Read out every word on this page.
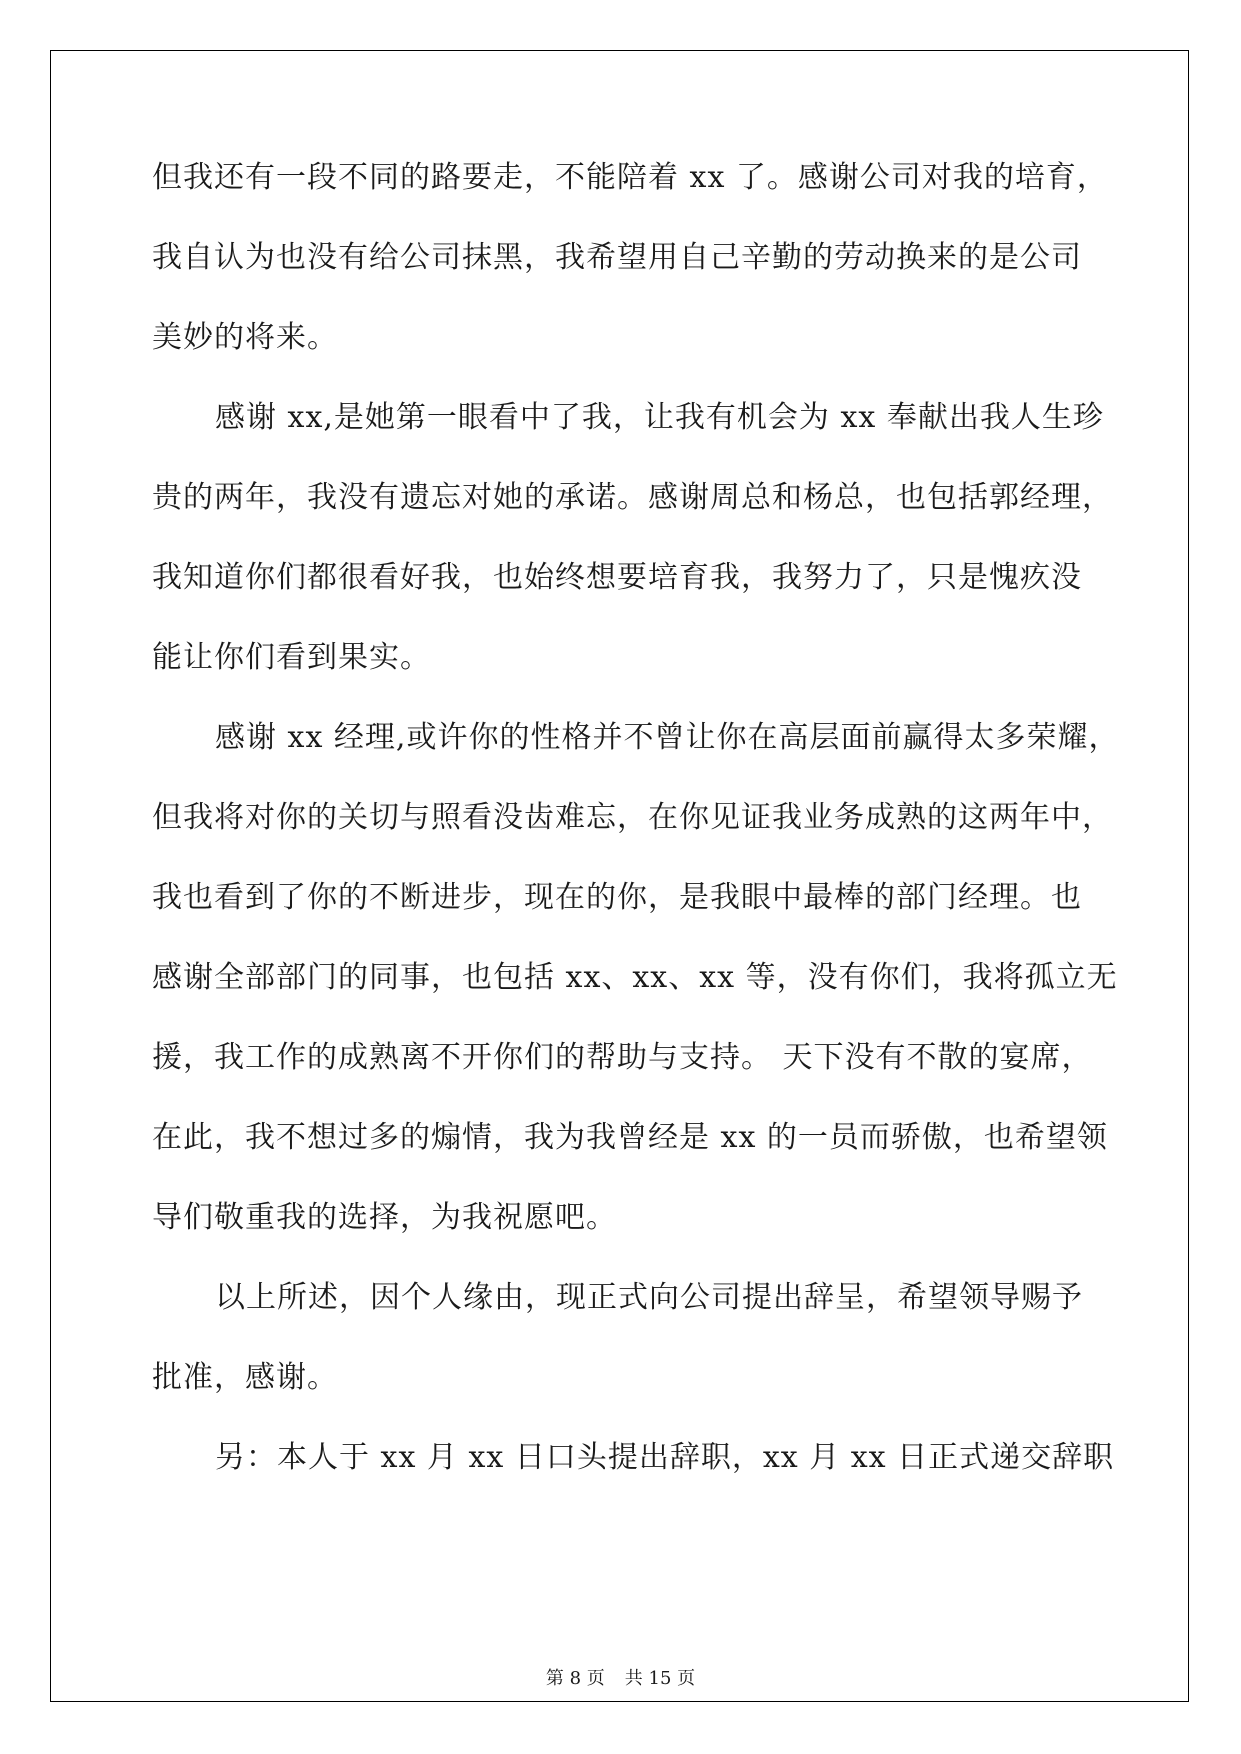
但我还有一段不同的路要走，不能陪着 xx 了。感谢公司对我的培育，
我自认为也没有给公司抹黑，我希望用自己辛勤的劳动换来的是公司
美妙的将来。
感谢 xx,是她第一眼看中了我，让我有机会为 xx 奉献出我人生珍
贵的两年，我没有遗忘对她的承诺。感谢周总和杨总，也包括郭经理，
我知道你们都很看好我，也始终想要培育我，我努力了，只是愧疚没
能让你们看到果实。
感谢 xx 经理,或许你的性格并不曾让你在高层面前赢得太多荣耀，
但我将对你的关切与照看没齿难忘，在你见证我业务成熟的这两年中，
我也看到了你的不断进步，现在的你，是我眼中最棒的部门经理。也
感谢全部部门的同事，也包括 xx、xx、xx 等，没有你们，我将孤立无
援，我工作的成熟离不开你们的帮助与支持。 天下没有不散的宴席，
在此，我不想过多的煽情，我为我曾经是 xx 的一员而骄傲，也希望领
导们敬重我的选择，为我祝愿吧。
以上所述，因个人缘由，现正式向公司提出辞呈，希望领导赐予
批准，感谢。
另：本人于 xx 月 xx 日口头提出辞职，xx 月 xx 日正式递交辞职
第 8 页 共 15 页
